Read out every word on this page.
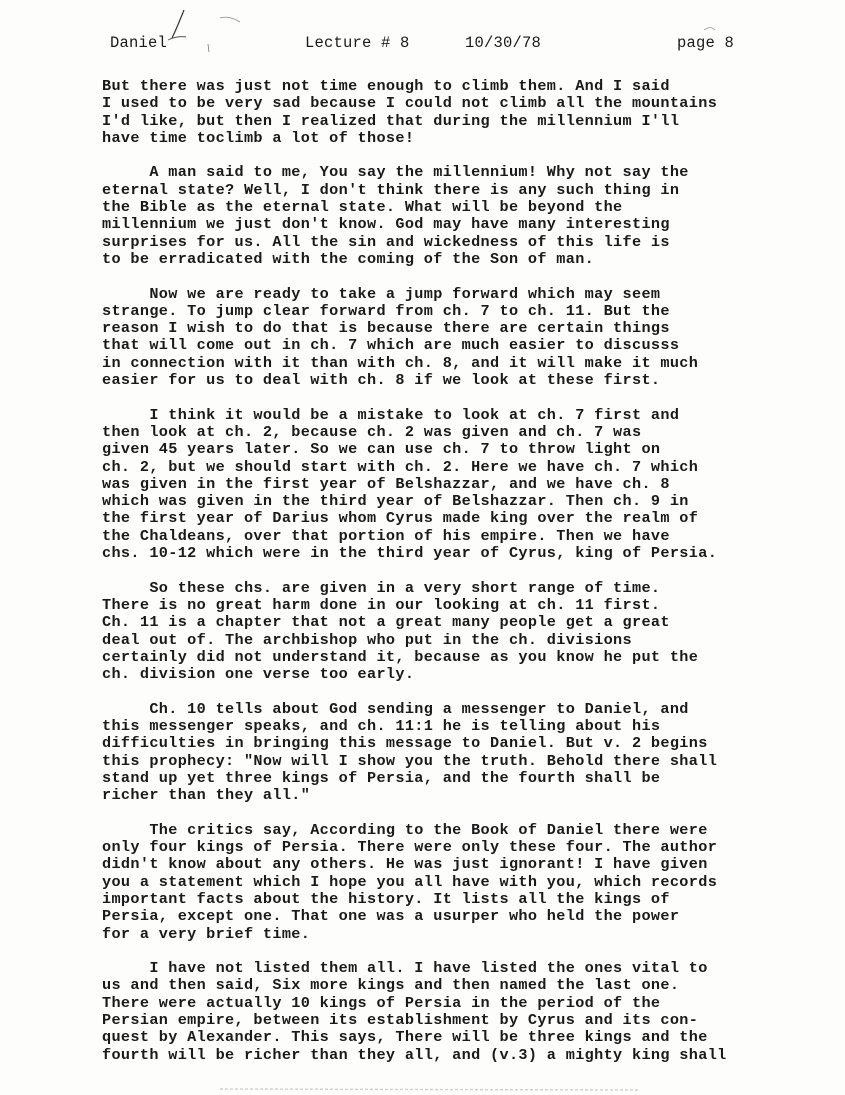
Daniel	Lecture # 8	10/30/78	page 8
But there was just not time enough to climb them. And I said
I used to be very sad because I could not climb all the mountains
I'd like, but then I realized that during the millennium I'll
have time toclimb a lot of those!
A man said to me, You say the millennium! Why not say the
eternal state? Well, I don't think there is any such thing in
the Bible as the eternal state. What will be beyond the
millennium we just don't know. God may have many interesting
surprises for us. All the sin and wickedness of this life is
to be erradicated with the coming of the Son of man.
Now we are ready to take a jump forward which may seem
strange. To jump clear forward from ch. 7 to ch. 11. But the
reason I wish to do that is because there are certain things
that will come out in ch. 7 which are much easier to discusss
in connection with it than with ch. 8, and it will make it much
easier for us to deal with ch. 8 if we look at these first.
I think it would be a mistake to look at ch. 7 first and
then look at ch. 2, because ch. 2 was given and ch. 7 was
given 45 years later. So we can use ch. 7 to throw light on
ch. 2, but we should start with ch. 2. Here we have ch. 7 which
was given in the first year of Belshazzar, and we have ch. 8
which was given in the third year of Belshazzar. Then ch. 9 in
the first year of Darius whom Cyrus made king over the realm of
the Chaldeans, over that portion of his empire. Then we have
chs. 10-12 which were in the third year of Cyrus, king of Persia.
So these chs. are given in a very short range of time.
There is no great harm done in our looking at ch. 11 first.
Ch. 11 is a chapter that not a great many people get a great
deal out of. The archbishop who put in the ch. divisions
certainly did not understand it, because as you know he put the
ch. division one verse too early.
Ch. 10 tells about God sending a messenger to Daniel, and
this messenger speaks, and ch. 11:1 he is telling about his
difficulties in bringing this message to Daniel. But v. 2 begins
this prophecy: "Now will I show you the truth. Behold there shall
stand up yet three kings of Persia, and the fourth shall be
richer than they all."
The critics say, According to the Book of Daniel there were
only four kings of Persia. There were only these four. The author
didn't know about any others. He was just ignorant! I have given
you a statement which I hope you all have with you, which records
important facts about the history. It lists all the kings of
Persia, except one. That one was a usurper who held the power
for a very brief time.
I have not listed them all. I have listed the ones vital to
us and then said, Six more kings and then named the last one.
There were actually 10 kings of Persia in the period of the
Persian empire, between its establishment by Cyrus and its con-
quest by Alexander. This says, There will be three kings and the
fourth will be richer than they all, and (v.3) a mighty king shall
